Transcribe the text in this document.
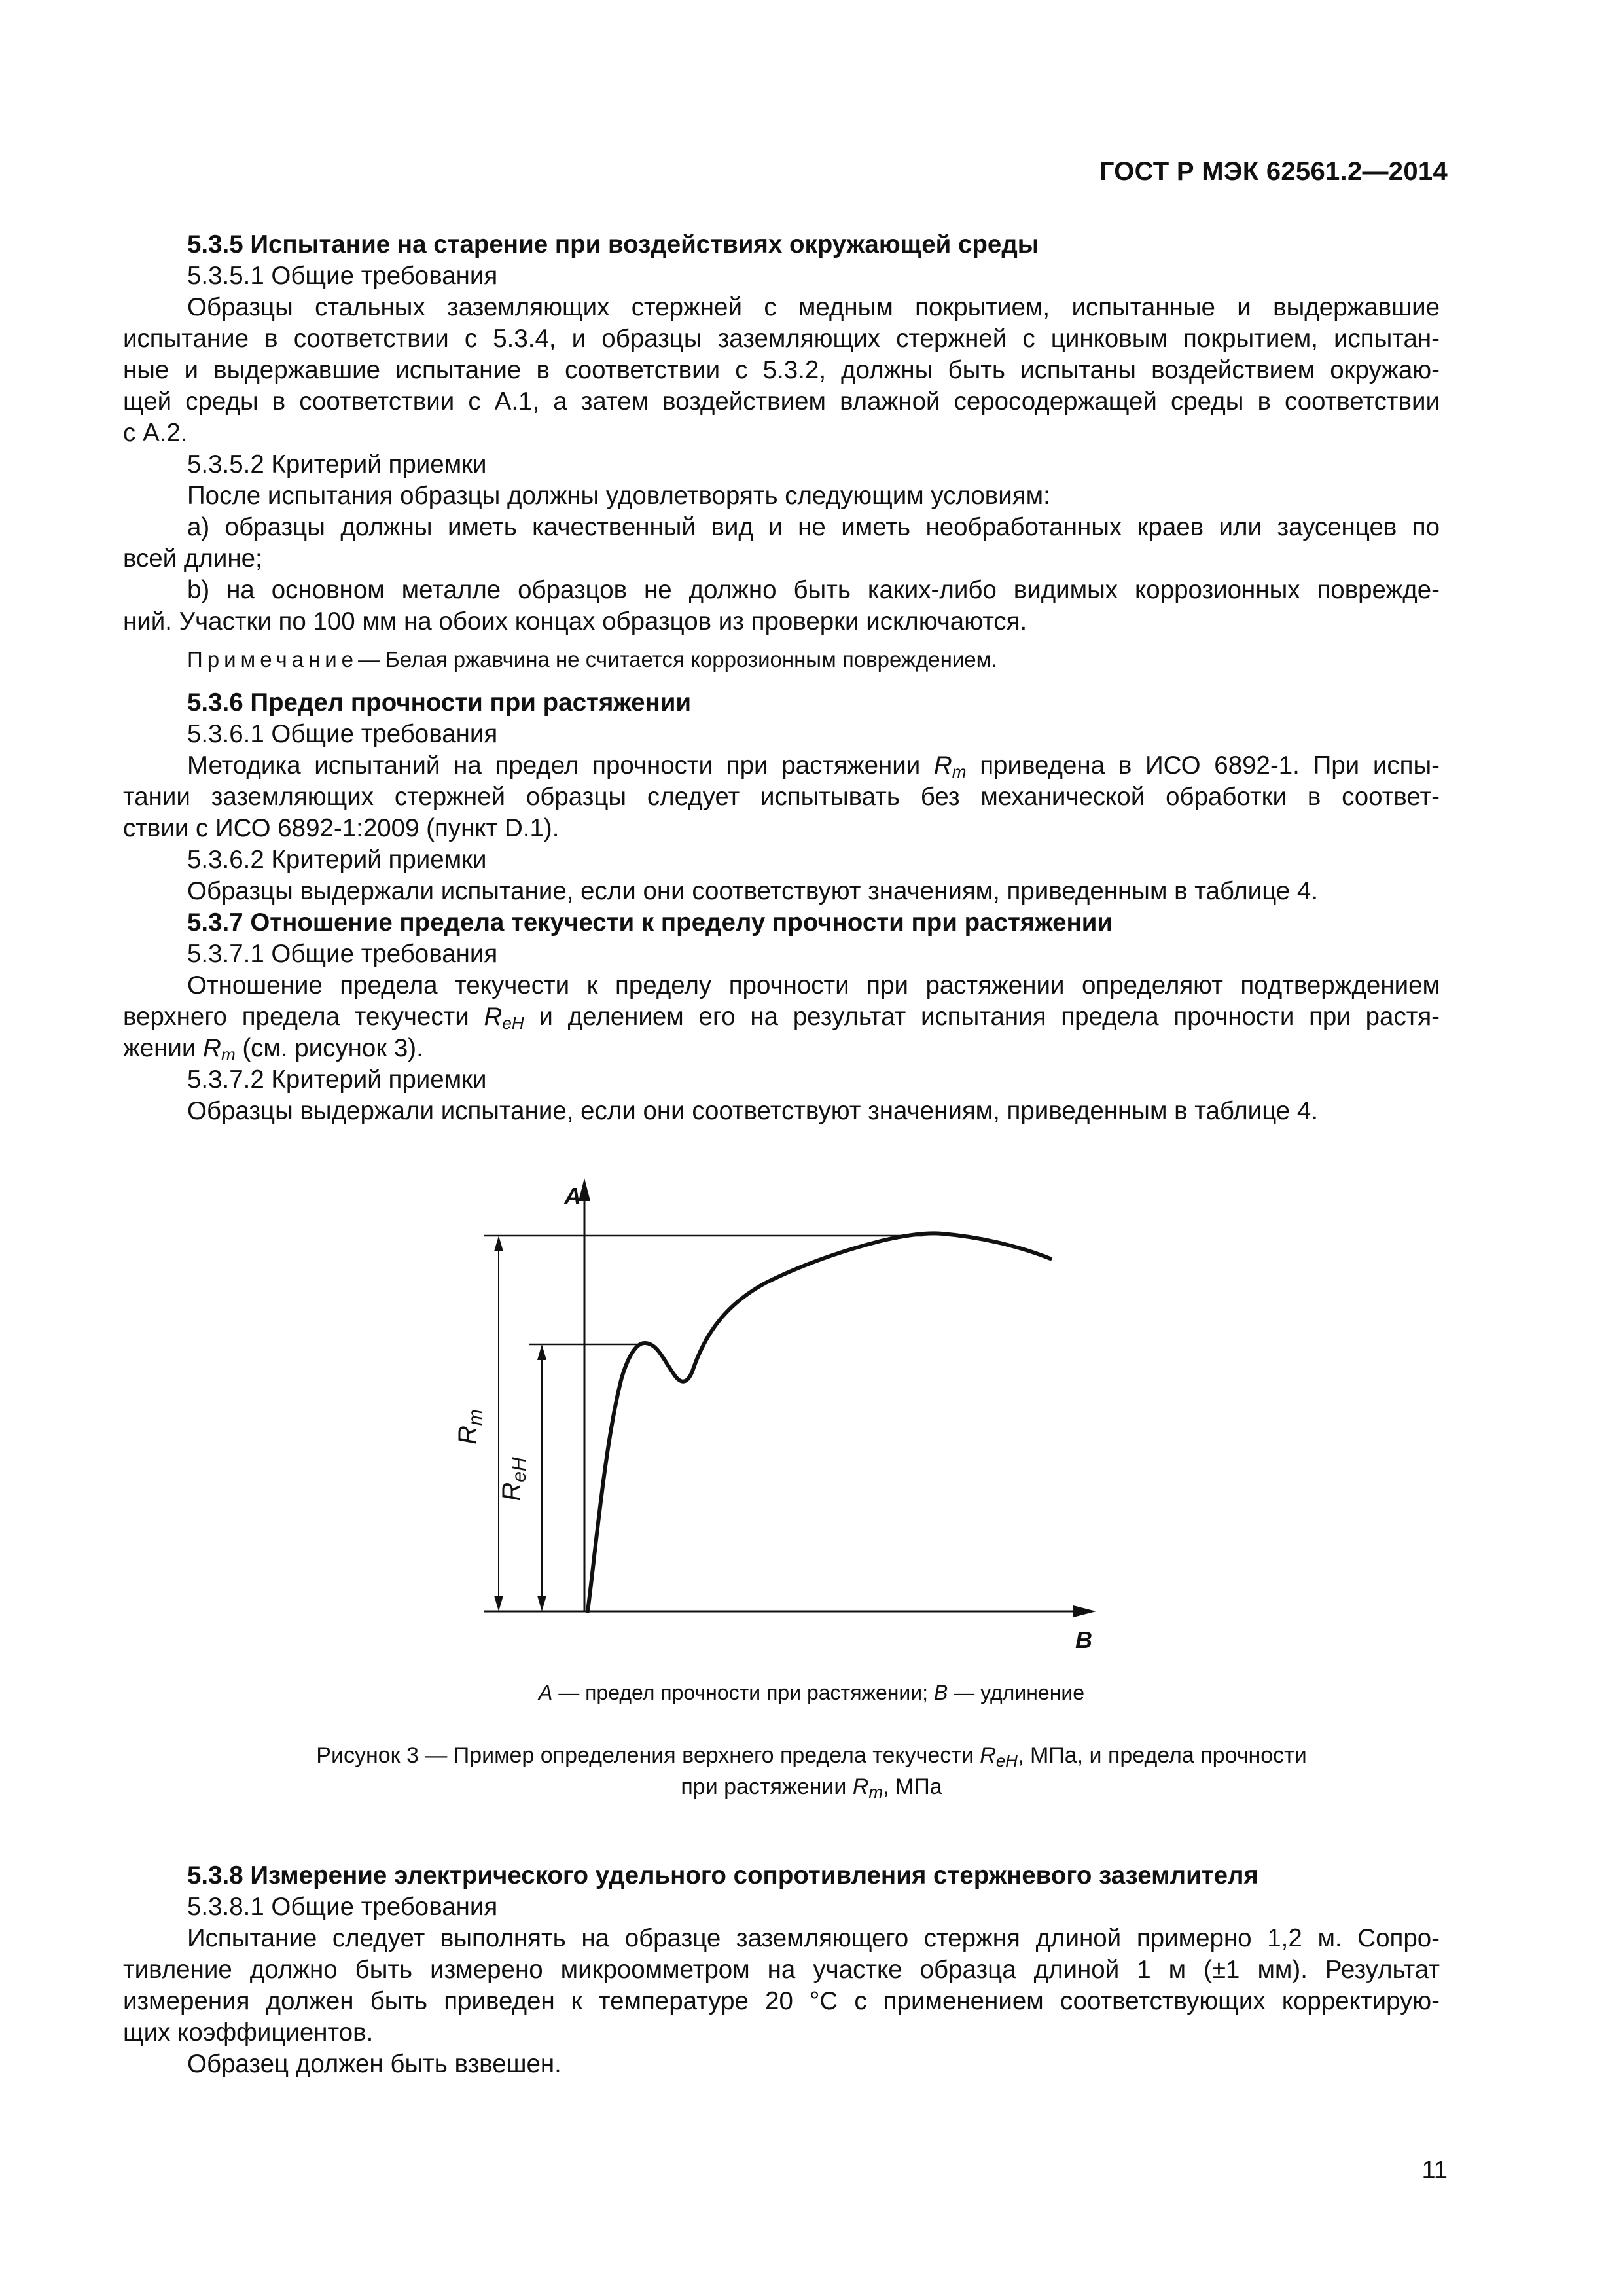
ГОСТ Р МЭК 62561.2—2014
5.3.5 Испытание на старение при воздействиях окружающей среды
5.3.5.1 Общие требования
Образцы стальных заземляющих стержней с медным покрытием, испытанные и выдержавшие
испытание в соответствии с 5.3.4, и образцы заземляющих стержней с цинковым покрытием, испытан-
ные и выдержавшие испытание в соответствии с 5.3.2, должны быть испытаны воздействием окружаю-
щей среды в соответствии с А.1, а затем воздействием влажной серосодержащей среды в соответствии
с А.2.
5.3.5.2 Критерий приемки
После испытания образцы должны удовлетворять следующим условиям:
а) образцы должны иметь качественный вид и не иметь необработанных краев или заусенцев по
всей длине;
b) на основном металле образцов не должно быть каких-либо видимых коррозионных поврежде-
ний. Участки по 100 мм на обоих концах образцов из проверки исключаются.
Примечание— Белая ржавчина не считается коррозионным повреждением.
5.3.6 Предел прочности при растяжении
5.3.6.1 Общие требования
Методика испытаний на предел прочности при растяжении $R_m$ приведена в ИСО 6892-1. При испы-
тании заземляющих стержней образцы следует испытывать без механической обработки в соответ-
ствии с ИСО 6892-1:2009 (пункт D.1).
5.3.6.2 Критерий приемки
Образцы выдержали испытание, если они соответствуют значениям, приведенным в таблице 4.
5.3.7 Отношение предела текучести к пределу прочности при растяжении
5.3.7.1 Общие требования
Отношение предела текучести к пределу прочности при растяжении определяют подтверждением
верхнего предела текучести $R_{eH}$ и делением его на результат испытания предела прочности при растя-
жении $R_m$ (см. рисунок 3).
5.3.7.2 Критерий приемки
Образцы выдержали испытание, если они соответствуют значениям, приведенным в таблице 4.
A
B
$R_m$
$R_{eH}$
A — предел прочности при растяжении; B — удлинение
Рисунок 3 — Пример определения верхнего предела текучести $R_{eH}$, МПа, и предела прочности
при растяжении $R_m$, МПа
5.3.8 Измерение электрического удельного сопротивления стержневого заземлителя
5.3.8.1 Общие требования
Испытание следует выполнять на образце заземляющего стержня длиной примерно 1,2 м. Сопро-
тивление должно быть измерено микроомметром на участке образца длиной 1 м (±1 мм). Результат
измерения должен быть приведен к температуре 20 °С с применением соответствующих корректирую-
щих коэффициентов.
Образец должен быть взвешен.
11
